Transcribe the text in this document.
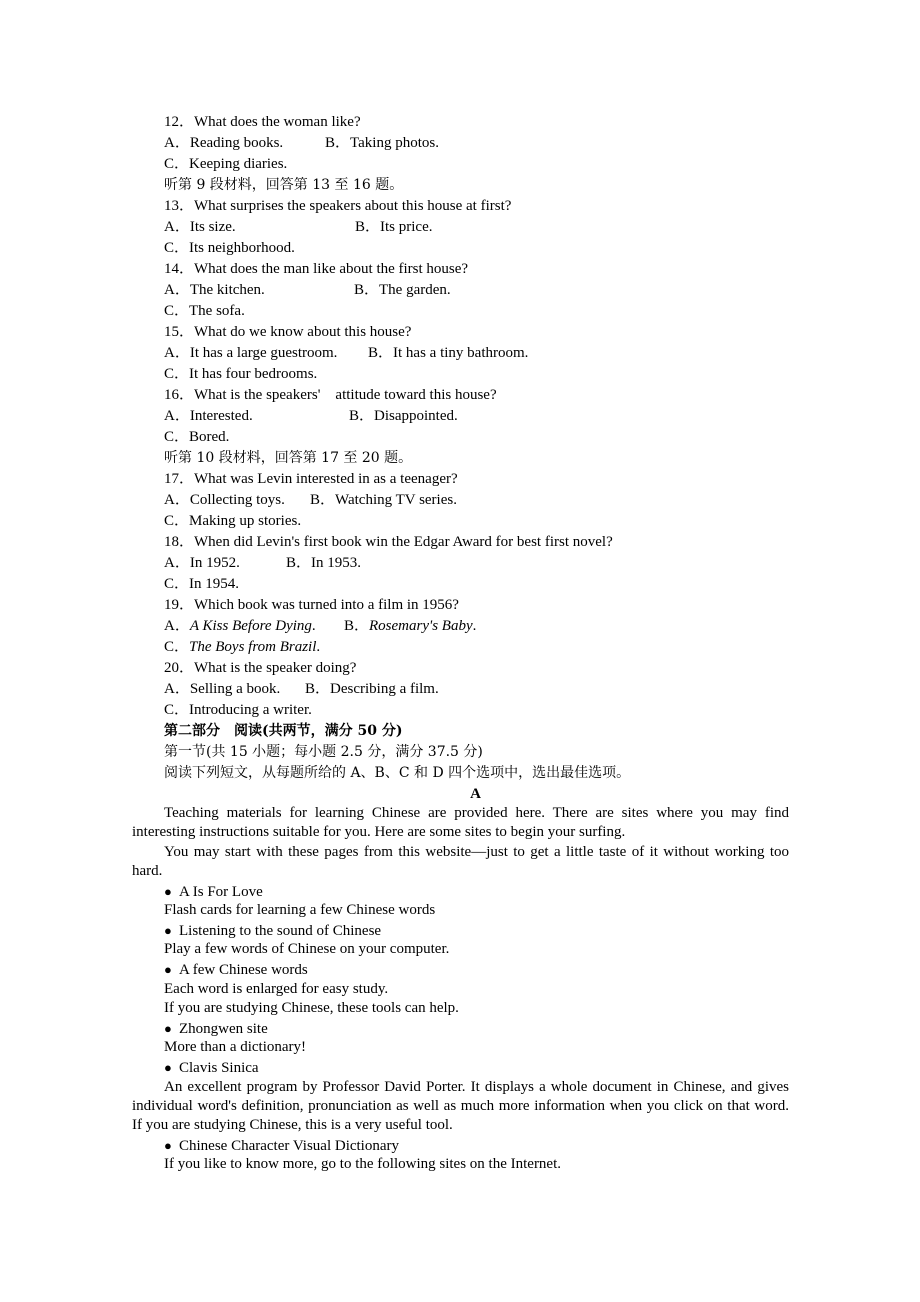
12．What does the woman like?
A．Reading books.	B．Taking photos.
C．Keeping diaries.
听第 9 段材料，回答第 13 至 16 题。
13．What surprises the speakers about this house at first?
A．Its size.	B．Its price.
C．Its neighborhood.
14．What does the man like about the first house?
A．The kitchen.	B．The garden.
C．The sofa.
15．What do we know about this house?
A．It has a large guestroom. B．It has a tiny bathroom.
C．It has four bedrooms.
16．What is the speakers'    attitude toward this house?
A．Interested.	B．Disappointed.
C．Bored.
听第 10 段材料，回答第 17 至 20 题。
17．What was Levin interested in as a teenager?
A．Collecting toys. B．Watching TV series.
C．Making up stories.
18．When did Levin's first book win the Edgar Award for best first novel?
A．In 1952.	B．In 1953.
C．In 1954.
19．Which book was turned into a film in 1956?
A．A Kiss Before Dying. B．Rosemary's Baby.
C．The Boys from Brazil.
20．What is the speaker doing?
A．Selling a book. B．Describing a film.
C．Introducing a writer.
第二部分　阅读(共两节，满分 50 分)
第一节(共 15 小题；每小题 2.5 分，满分 37.5 分)
阅读下列短文，从每题所给的 A、B、C 和 D 四个选项中，选出最佳选项。
A

Teaching materials for learning Chinese are provided here. There are sites where you may find interesting instructions suitable for you. Here are some sites to begin your surfing.

You may start with these pages from this website—just to get a little taste of it without working too hard.

● A Is For Love
Flash cards for learning a few Chinese words
● Listening to the sound of Chinese
Play a few words of Chinese on your computer.
● A few Chinese words
Each word is enlarged for easy study.
If you are studying Chinese, these tools can help.
● Zhongwen site
More than a dictionary!
● Clavis Sinica

An excellent program by Professor David Porter. It displays a whole document in Chinese, and gives individual word's definition, pronunciation as well as much more information when you click on that word. If you are studying Chinese, this is a very useful tool.

● Chinese Character Visual Dictionary
If you like to know more, go to the following sites on the Internet.
